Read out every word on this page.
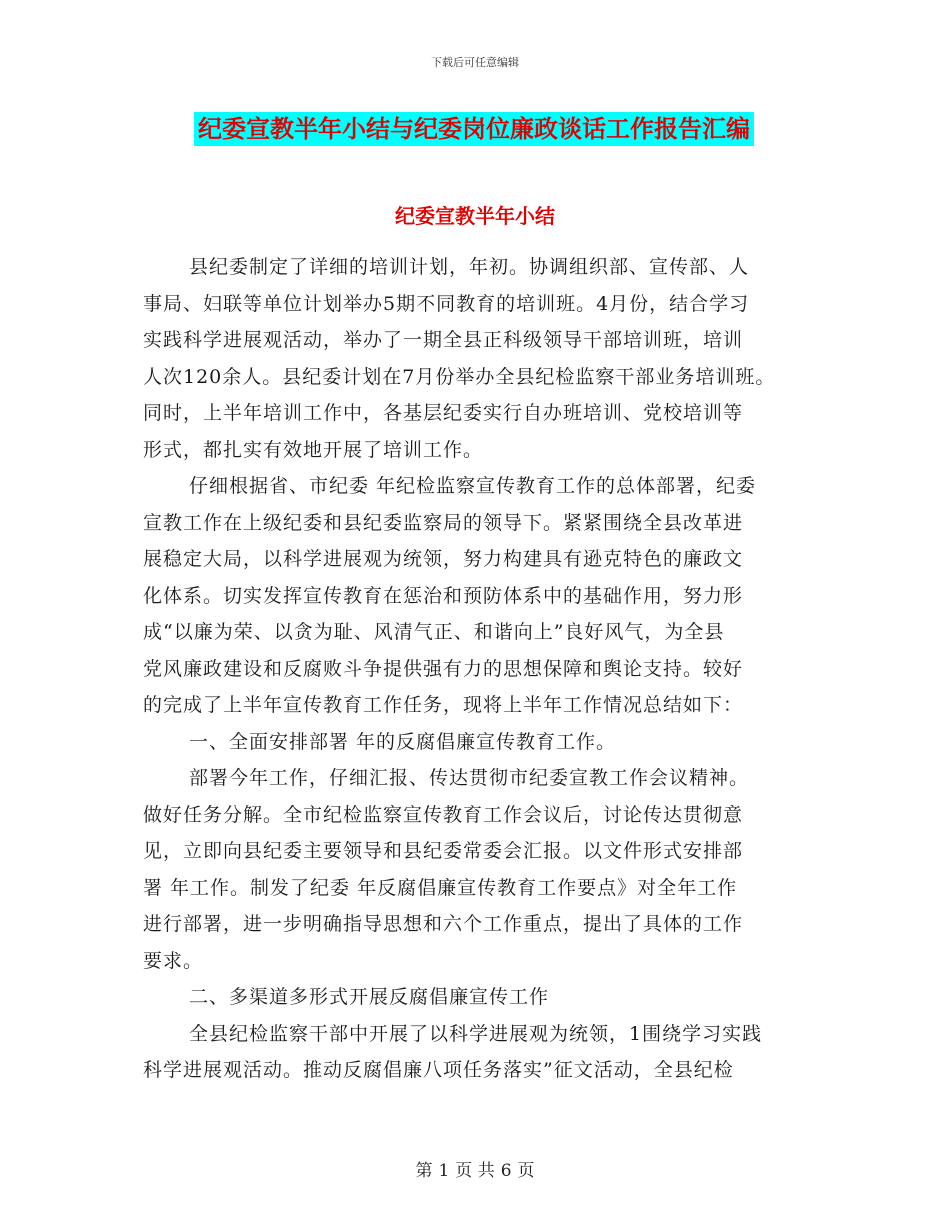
下载后可任意编辑
纪委宣教半年小结与纪委岗位廉政谈话工作报告汇编
纪委宣教半年小结
县纪委制定了详细的培训计划，年初。协调组织部、宣传部、人
事局、妇联等单位计划举办5期不同教育的培训班。4月份，结合学习
实践科学进展观活动，举办了一期全县正科级领导干部培训班，培训
人次120余人。县纪委计划在7月份举办全县纪检监察干部业务培训班。
同时，上半年培训工作中，各基层纪委实行自办班培训、党校培训等
形式，都扎实有效地开展了培训工作。
仔细根据省、市纪委 年纪检监察宣传教育工作的总体部署，纪委
宣教工作在上级纪委和县纪委监察局的领导下。紧紧围绕全县改革进
展稳定大局，以科学进展观为统领，努力构建具有逊克特色的廉政文
化体系。切实发挥宣传教育在惩治和预防体系中的基础作用，努力形
成“以廉为荣、以贪为耻、风清气正、和谐向上”良好风气，为全县
党风廉政建设和反腐败斗争提供强有力的思想保障和舆论支持。较好
的完成了上半年宣传教育工作任务，现将上半年工作情况总结如下：
一、全面安排部署 年的反腐倡廉宣传教育工作。
部署今年工作，仔细汇报、传达贯彻市纪委宣教工作会议精神。
做好任务分解。全市纪检监察宣传教育工作会议后，讨论传达贯彻意
见，立即向县纪委主要领导和县纪委常委会汇报。以文件形式安排部
署 年工作。制发了纪委 年反腐倡廉宣传教育工作要点》对全年工作
进行部署，进一步明确指导思想和六个工作重点，提出了具体的工作
要求。
二、多渠道多形式开展反腐倡廉宣传工作
全县纪检监察干部中开展了以科学进展观为统领，1围绕学习实践
科学进展观活动。推动反腐倡廉八项任务落实”征文活动，全县纪检
第 1 页 共 6 页
